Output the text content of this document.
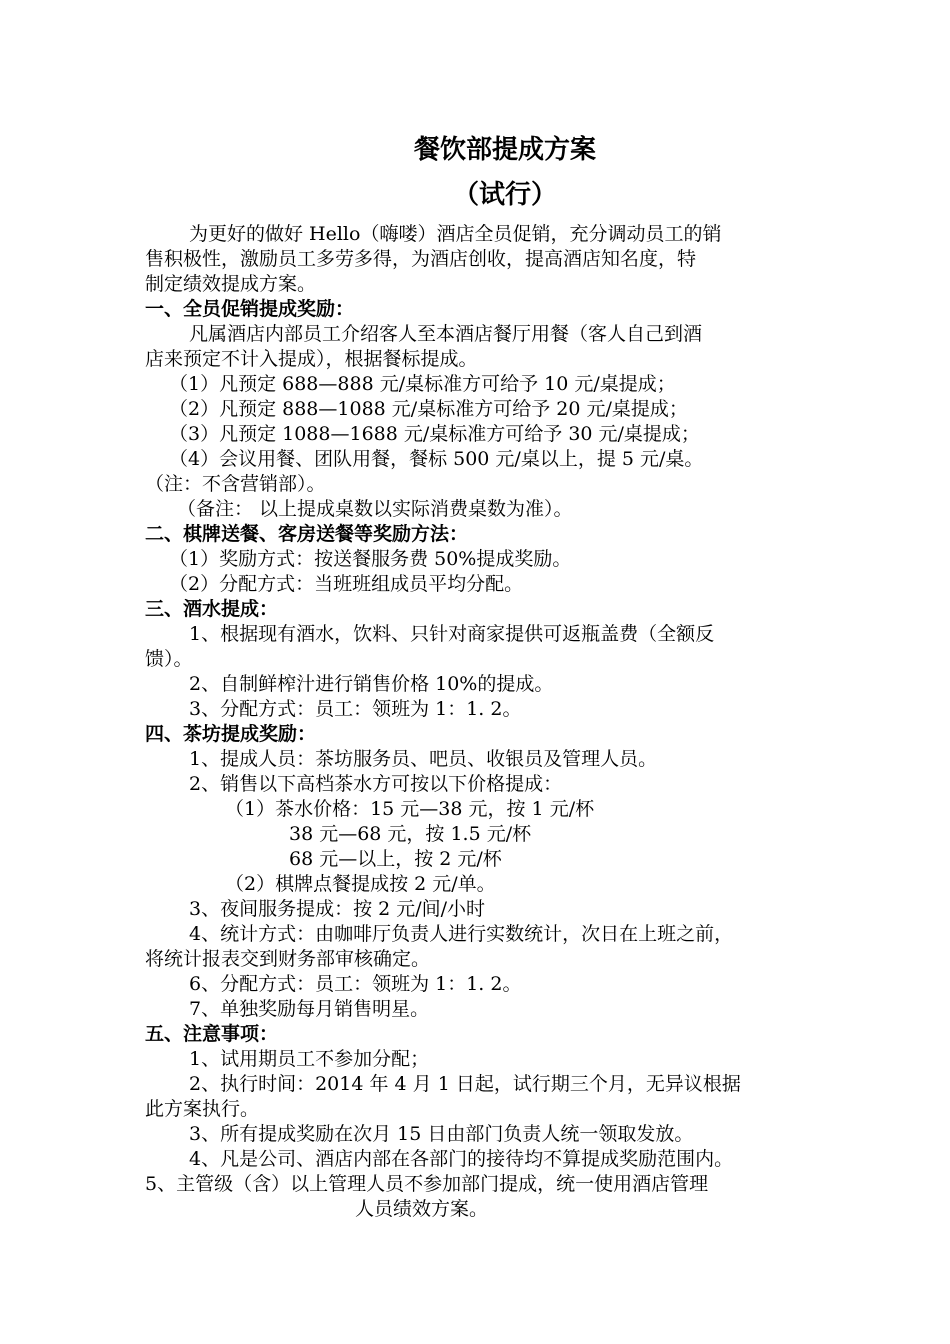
餐饮部提成方案
（试行）
为更好的做好 Hello（嗨喽）酒店全员促销，充分调动员工的销
售积极性，激励员工多劳多得，为酒店创收，提高酒店知名度，特
制定绩效提成方案。
一、全员促销提成奖励：
凡属酒店内部员工介绍客人至本酒店餐厅用餐（客人自己到酒
店来预定不计入提成），根据餐标提成。
（1）凡预定 688—888 元/桌标准方可给予 10 元/桌提成；
（2）凡预定 888—1088 元/桌标准方可给予 20 元/桌提成；
（3）凡预定 1088—1688 元/桌标准方可给予 30 元/桌提成；
（4）会议用餐、团队用餐，餐标 500 元/桌以上，提 5 元/桌。
（注：不含营销部）。
（备注： 以上提成桌数以实际消费桌数为准）。
二、棋牌送餐、客房送餐等奖励方法：
（1）奖励方式：按送餐服务费 50%提成奖励。
（2）分配方式：当班班组成员平均分配。
三、酒水提成：
1、根据现有酒水，饮料、只针对商家提供可返瓶盖费（全额反
馈）。
2、自制鲜榨汁进行销售价格 10%的提成。
3、分配方式：员工：领班为 1：1. 2。
四、茶坊提成奖励：
1、提成人员：茶坊服务员、吧员、收银员及管理人员。
2、销售以下高档茶水方可按以下价格提成：
（1）茶水价格：15 元—38 元，按 1 元/杯
38 元—68 元，按 1.5 元/杯
68 元—以上，按 2 元/杯
（2）棋牌点餐提成按 2 元/单。
3、夜间服务提成：按 2 元/间/小时
4、统计方式：由咖啡厅负责人进行实数统计，次日在上班之前，
将统计报表交到财务部审核确定。
6、分配方式：员工：领班为 1：1. 2。
7、单独奖励每月销售明星。
五、注意事项：
1、试用期员工不参加分配；
2、执行时间：2014 年 4 月 1 日起，试行期三个月，无异议根据
此方案执行。
3、所有提成奖励在次月 15 日由部门负责人统一领取发放。
4、凡是公司、酒店内部在各部门的接待均不算提成奖励范围内。
5、主管级（含）以上管理人员不参加部门提成，统一使用酒店管理
人员绩效方案。
